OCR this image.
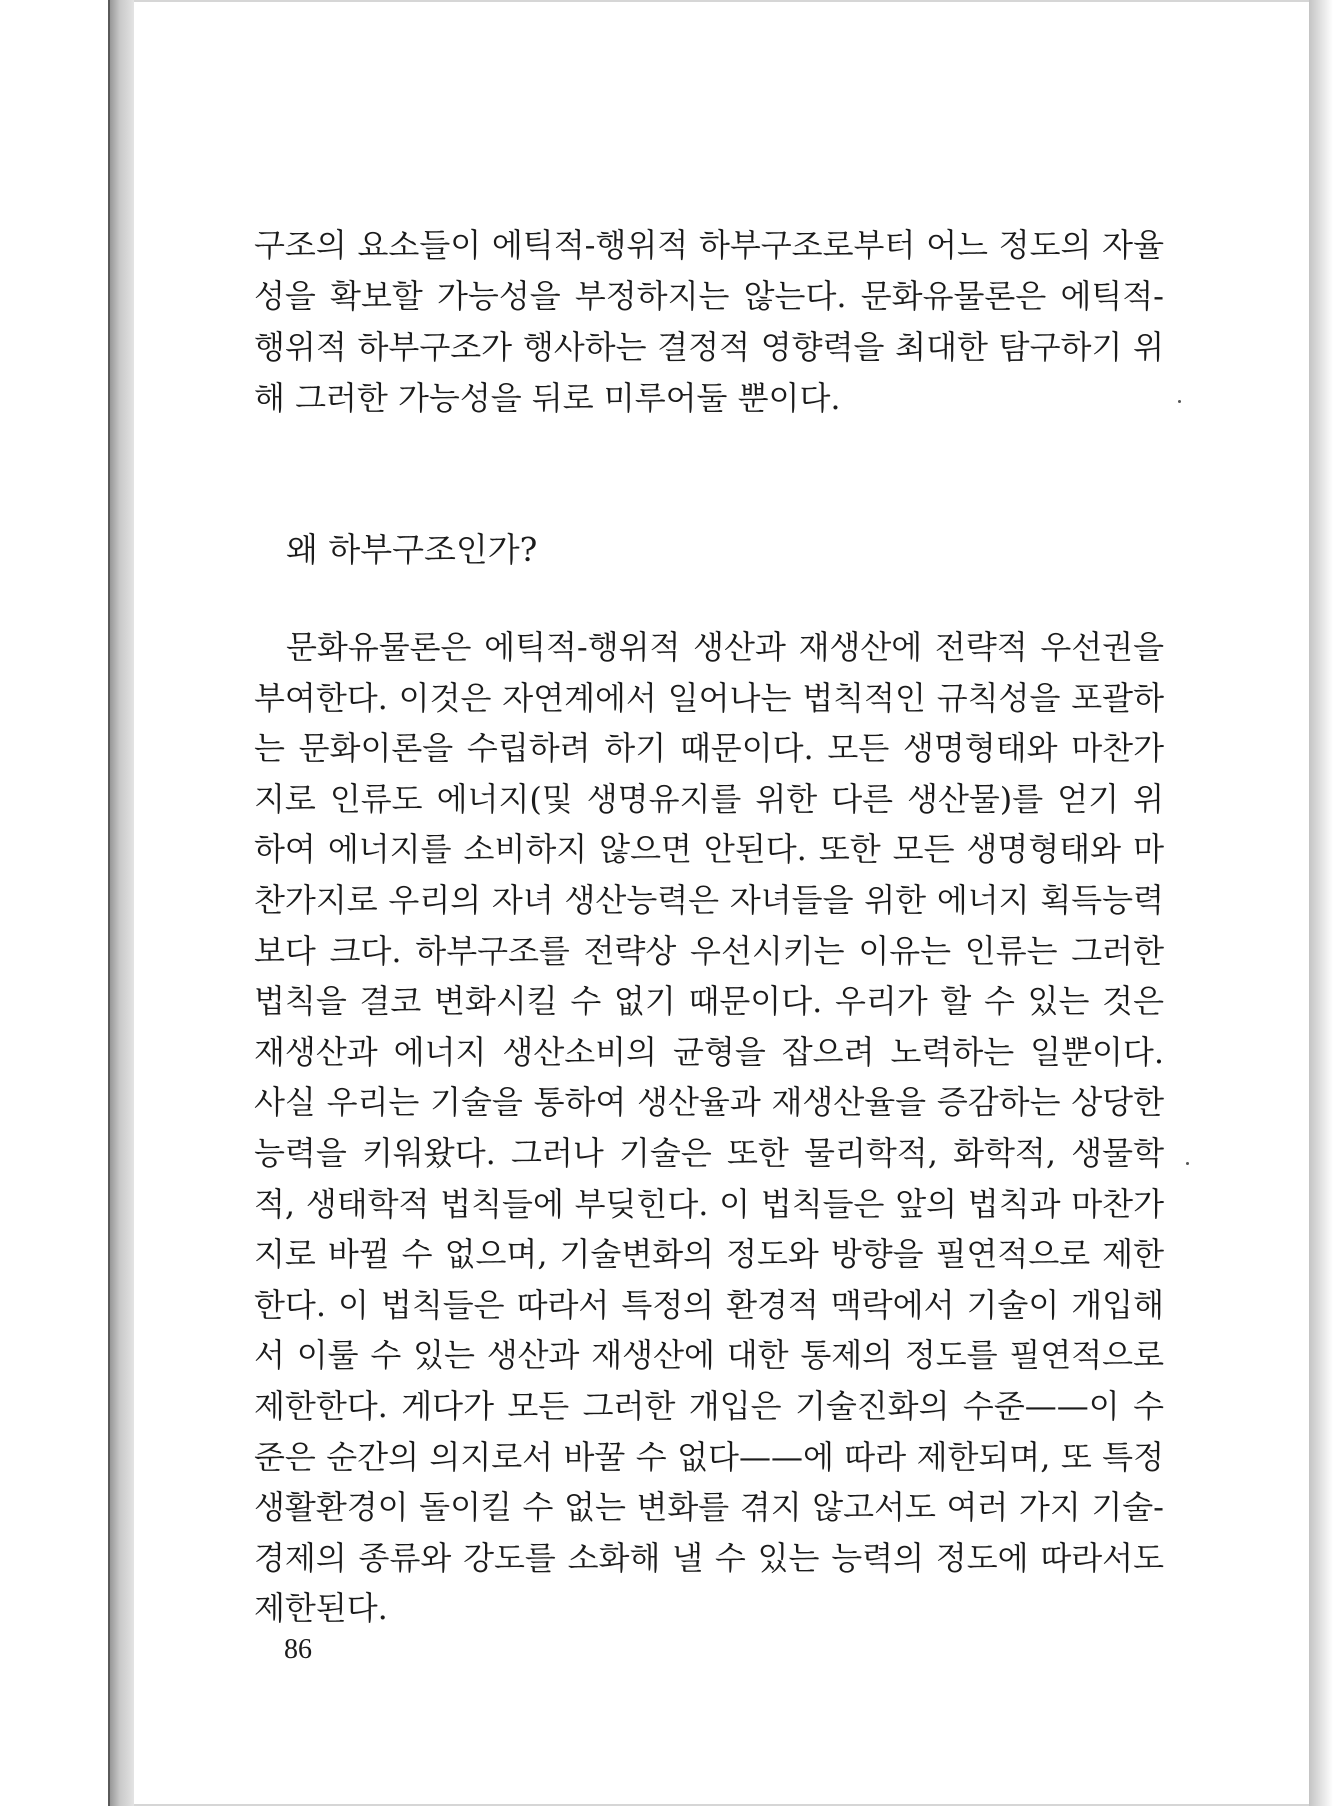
구조의 요소들이 에틱적-행위적 하부구조로부터 어느 정도의 자율성을 확보할 가능성을 부정하지는 않는다. 문화유물론은 에틱적-행위적 하부구조가 행사하는 결정적 영향력을 최대한 탐구하기 위해 그러한 가능성을 뒤로 미루어둘 뿐이다.

왜 하부구조인가?

문화유물론은 에틱적-행위적 생산과 재생산에 전략적 우선권을 부여한다. 이것은 자연계에서 일어나는 법칙적인 규칙성을 포괄하는 문화이론을 수립하려 하기 때문이다. 모든 생명형태와 마찬가지로 인류도 에너지(및 생명유지를 위한 다른 생산물)를 얻기 위하여 에너지를 소비하지 않으면 안된다. 또한 모든 생명형태와 마찬가지로 우리의 자녀 생산능력은 자녀들을 위한 에너지 획득능력보다 크다. 하부구조를 전략상 우선시키는 이유는 인류는 그러한 법칙을 결코 변화시킬 수 없기 때문이다. 우리가 할 수 있는 것은 재생산과 에너지 생산소비의 균형을 잡으려 노력하는 일뿐이다. 사실 우리는 기술을 통하여 생산율과 재생산율을 증감하는 상당한 능력을 키워왔다. 그러나 기술은 또한 물리학적, 화학적, 생물학적, 생태학적 법칙들에 부딪힌다. 이 법칙들은 앞의 법칙과 마찬가지로 바뀔 수 없으며, 기술변화의 정도와 방향을 필연적으로 제한한다. 이 법칙들은 따라서 특정의 환경적 맥락에서 기술이 개입해서 이룰 수 있는 생산과 재생산에 대한 통제의 정도를 필연적으로 제한한다. 게다가 모든 그러한 개입은 기술진화의 수준——이 수준은 순간의 의지로서 바꿀 수 없다——에 따라 제한되며, 또 특정 생활환경이 돌이킬 수 없는 변화를 겪지 않고서도 여러 가지 기술-경제의 종류와 강도를 소화해 낼 수 있는 능력의 정도에 따라서도 제한된다.

86
